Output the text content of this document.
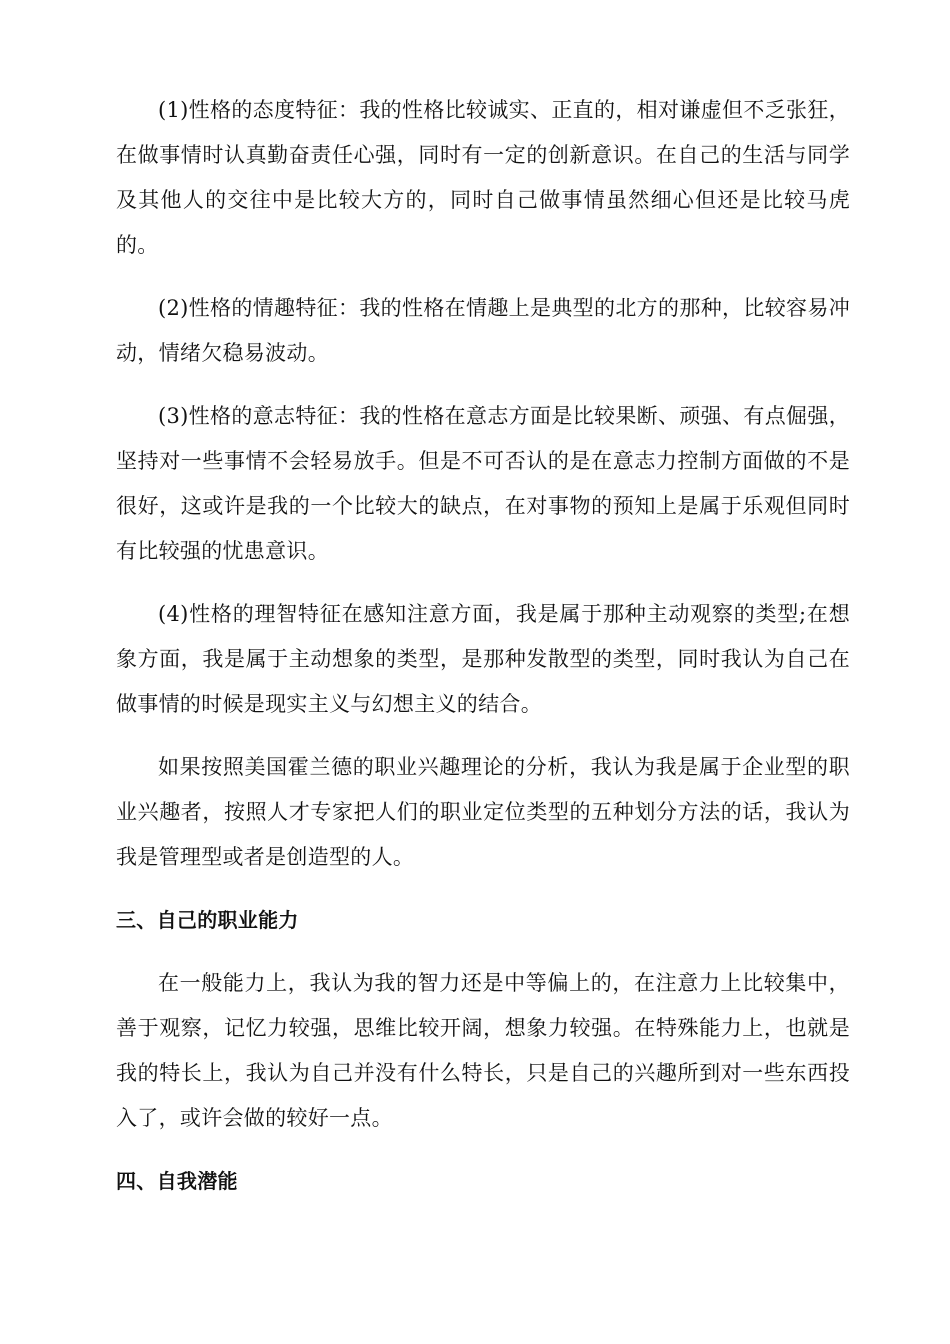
(1)性格的态度特征：我的性格比较诚实、正直的，相对谦虚但不乏张狂，在做事情时认真勤奋责任心强，同时有一定的创新意识。在自己的生活与同学及其他人的交往中是比较大方的，同时自己做事情虽然细心但还是比较马虎的。

(2)性格的情趣特征：我的性格在情趣上是典型的北方的那种，比较容易冲动，情绪欠稳易波动。

(3)性格的意志特征：我的性格在意志方面是比较果断、顽强、有点倔强，坚持对一些事情不会轻易放手。但是不可否认的是在意志力控制方面做的不是很好，这或许是我的一个比较大的缺点，在对事物的预知上是属于乐观但同时有比较强的忧患意识。

(4)性格的理智特征在感知注意方面，我是属于那种主动观察的类型;在想象方面，我是属于主动想象的类型，是那种发散型的类型，同时我认为自己在做事情的时候是现实主义与幻想主义的结合。

如果按照美国霍兰德的职业兴趣理论的分析，我认为我是属于企业型的职业兴趣者，按照人才专家把人们的职业定位类型的五种划分方法的话，我认为我是管理型或者是创造型的人。

三、自己的职业能力

在一般能力上，我认为我的智力还是中等偏上的，在注意力上比较集中，善于观察，记忆力较强，思维比较开阔，想象力较强。在特殊能力上，也就是我的特长上，我认为自己并没有什么特长，只是自己的兴趣所到对一些东西投入了，或许会做的较好一点。

四、自我潜能
